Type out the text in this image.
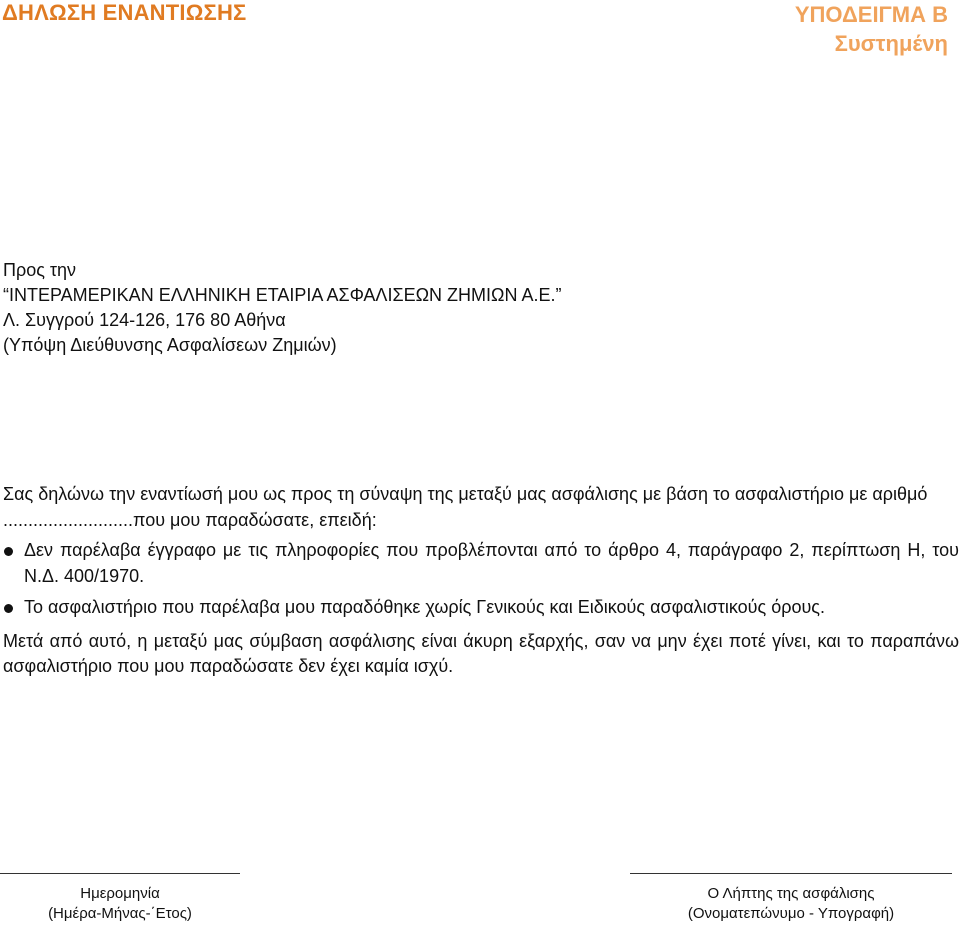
ΔΗΛΩΣΗ ΕΝΑΝΤΙΩΣΗΣ	ΥΠΟΔΕΙΓΜΑ Β
Συστημένη
Προς την
“ΙΝΤΕΡΑΜΕΡΙΚΑΝ ΕΛΛΗΝΙΚΗ ΕΤΑΙΡΙΑ ΑΣΦΑΛΙΣΕΩΝ ΖΗΜΙΩΝ Α.Ε.”
Λ. Συγγρού 124-126, 176 80 Αθήνα
(Υπόψη Διεύθυνσης Ασφαλίσεων Ζημιών)

Σας δηλώνω την εναντίωσή μου ως προς τη σύναψη της μεταξύ μας ασφάλισης με βάση το ασφαλιστήριο με αριθμό ..........................που μου παραδώσατε, επειδή:

Δεν παρέλαβα έγγραφο με τις πληροφορίες που προβλέπονται από το άρθρο 4, παράγραφο 2, περίπτωση Η, του Ν.Δ. 400/1970.
Το ασφαλιστήριο που παρέλαβα μου παραδόθηκε χωρίς Γενικούς και Ειδικούς ασφαλιστικούς όρους.

Μετά από αυτό, η μεταξύ μας σύμβαση ασφάλισης είναι άκυρη εξαρχής, σαν να μην έχει ποτέ γίνει, και το παραπάνω ασφαλιστήριο που μου παραδώσατε δεν έχει καμία ισχύ.

Ημερομηνία
(Ημέρα-Μήνας-΄Ετος)
Ο Λήπτης της ασφάλισης
(Ονοματεπώνυμο - Υπογραφή)
